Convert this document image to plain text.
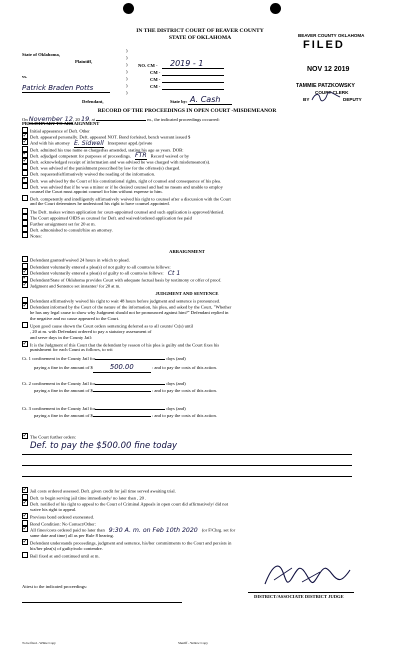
IN THE DISTRICT COURT OF BEAVER COUNTY
STATE OF OKLAHOMA	BEAVER COUNTY OKLAHOMA
FILED
NOV 12 2019
TAMMIE PATZKOWSKY
COURT CLERK
BY	DEPUTY
State of Oklahoma,
Plaintiff,
vs.
Patrick Braden Potts
Defendant,
)
)
)
)
)
)
)
NO. CM - 2019 - 1
CM -
CM -
CM -
State by: A. Cash
RECORD OF THE PROCEEDINGS IN OPEN COURT -MISDEMEANOR
On November 12, 20 19, at	m., the indicated proceedings occurred:
PRELIMINARY TO ARRAIGNMENT
Initial appearance of Deft. Other
✓Deft. appeared personally. Deft. appeared NOT. Bond forfeited, bench warrant issued $
✓And with his attorney E. Sidwell Interpreter appd./private
Deft. admitted his true name as charged/as amended, stating his age as years. DOB:
✓Deft. adjudged competent for purposes of proceedings. FTR Record waived or by
✓Deft. acknowledged receipt of information and was advised he was charged with misdemeanor(s).
Deft. was advised of the punishment prescribed by law for the offense(s) charged.
Deft. requested/affirmatively waived the reading of the information.
✓Deft. was advised by the Court of his constitutional rights, right of counsel and consequence of his plea.
Deft. was advised that if he was a minor or if he desired counsel and had no means and unable to employ
counsel the Court must appoint counsel for him without expense to him.
Deft. competently and intelligently affirmatively waived his right to counsel after a discussion with the Court
and the Court determines he understood his right to have counsel appointed.
The Deft. makes written application for court-appointed counsel and such application is approved/denied.
The Court appointed OIDS as counsel for Deft. and waived/ordered application fee paid
Further arraignment set for 20 at m.
Deft. admonished to consult/hire an attorney.
Notes:
ARRAIGNMENT
Defendant granted/waived 24 hours in which to plead.
Defendant voluntarily entered a plea(s) of not guilty to all counts/as follows:
✓Defendant voluntarily entered a plea(s) of guilty to all counts/as follows: Ct 1
✓Defendant/State of Oklahoma provides Court with adequate factual basis by testimony or offer of proof.
✓Judgment and Sentence set instanter/ for 20 at m.
JUDGMENT AND SENTENCE
Defendant affirmatively waived his right to wait 48 hours before judgment and sentence is pronounced.
✓Defendant informed by the Court of the nature of the information, his plea, and asked by the Court, "Whether
he has any legal cause to show why Judgment should not be pronounced against him?" Defendant replied in
the negative and no cause appeared to the Court.
Upon good cause shown the Court orders sentencing deferred as to all counts/ Ct(s) until
, 20 at m. with Defendant ordered to pay a statutory assessment of
and serve days in the County Jail:
✓It is the Judgment of this Court that the defendant by reason of his plea is guilty and the Court fixes his
punishment for each Count as follows, to wit
Ct. 1 confinement in the County Jail for	days (and)
paying a fine in the amount of $	500.00	: and to pay the costs of this action.
Ct. 2 confinement in the County Jail for	days (and)
paying a fine in the amount of $	: and to pay the costs of this action.
Ct. 3 confinement in the County Jail for	days (and)
paying a fine in the amount of $	: and to pay the costs of this action.
✓The Court further orders:
Def. to pay the $500.00 fine today
✓Jail costs ordered assessed. Deft. given credit for jail time served awaiting trial.
Deft. to begin serving jail time immediately/ no later than , 20 .
✓Deft. notified of his right to appeal to the Court of Criminal Appeals in open court did affirmatively/ did not
waive his right to appeal.
✓Previous bond ordered exonerated.
Bond Condition: No Contact/Other:
✓All fines/costs ordered paid no later than 9:30 A. m. on Feb 10th 2020 (or F/Chrg. set for
same date and time) all as per Rule 8 hearing.
✓Defendant understands proceedings, judgment and sentence, his/her commitments to the Court and persists in
his/her plea(s) of guilty/nolo contendre.
Bail fixed at and continued until at m.
Attest to the indicated proceedings:
DISTRICT/ASSOCIATE DISTRICT JUDGE
To be filed - White Copy	Sheriff - Yellow Copy
